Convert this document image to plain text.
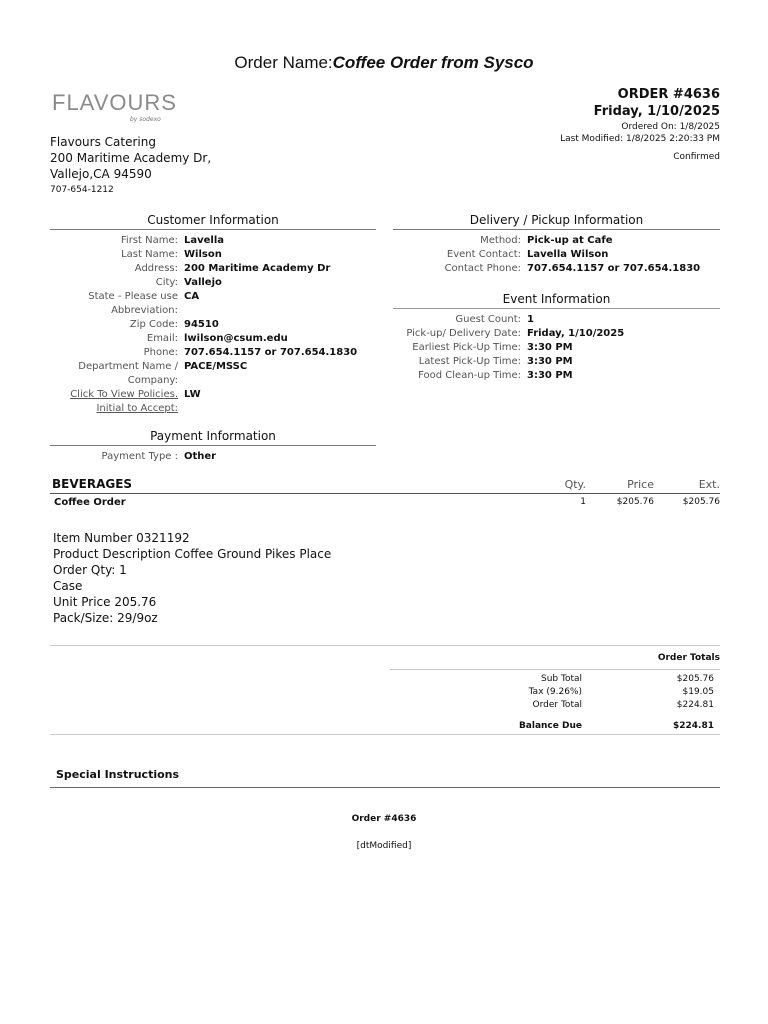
Order Name:Coffee Order from Sysco
FLAVOURS
by sodexo
Flavours Catering
200 Maritime Academy Dr,
Vallejo,CA 94590
707-654-1212
ORDER #4636
Friday, 1/10/2025
Ordered On: 1/8/2025
Last Modified: 1/8/2025 2:20:33 PM
Confirmed
Customer Information
First Name: Lavella
Last Name: Wilson
Address: 200 Maritime Academy Dr
City: Vallejo
State - Please use CA
Abbreviation:
Zip Code: 94510
Email: lwilson@csum.edu
Phone: 707.654.1157 or 707.654.1830
Department Name / PACE/MSSC
Company:
Click To View Policies. LW
Initial to Accept:
Delivery / Pickup Information
Method: Pick-up at Cafe
Event Contact: Lavella Wilson
Contact Phone: 707.654.1157 or 707.654.1830
Event Information
Guest Count: 1
Pick-up/ Delivery Date: Friday, 1/10/2025
Earliest Pick-Up Time: 3:30 PM
Latest Pick-Up Time: 3:30 PM
Food Clean-up Time: 3:30 PM
Payment Information
Payment Type : Other
BEVERAGES	Qty.	Price	Ext.
Coffee Order	1	$205.76	$205.76
Item Number 0321192
Product Description Coffee Ground Pikes Place
Order Qty: 1
Case
Unit Price 205.76
Pack/Size: 29/9oz
Order Totals
Sub Total	$205.76
Tax (9.26%)	$19.05
Order Total	$224.81
Balance Due	$224.81
Special Instructions
Order #4636
[dtModified]
